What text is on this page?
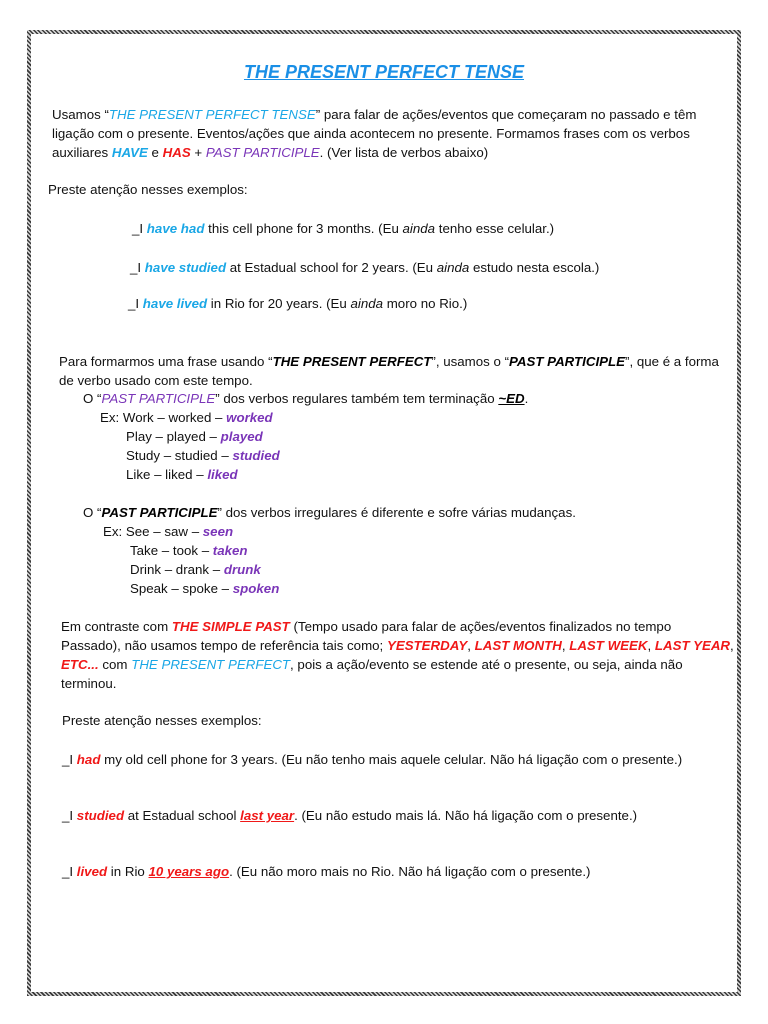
THE PRESENT PERFECT TENSE
Usamos “THE PRESENT PERFECT TENSE” para falar de ações/eventos que começaram no passado e têm
ligação com o presente. Eventos/ações que ainda acontecem no presente. Formamos frases com os verbos
auxiliares HAVE e HAS + PAST PARTICIPLE. (Ver lista de verbos abaixo)
Preste atenção nesses exemplos:
_I have had this cell phone for 3 months. (Eu ainda tenho esse celular.)
_I have studied at Estadual school for 2 years. (Eu ainda estudo nesta escola.)
_I have lived in Rio for 20 years. (Eu ainda moro no Rio.)
Para formarmos uma frase usando “THE PRESENT PERFECT”, usamos o “PAST PARTICIPLE”, que é a forma
de verbo usado com este tempo.
O “PAST PARTICIPLE” dos verbos regulares também tem terminação ~ED.
Ex: Work – worked – worked
Play – played – played
Study – studied – studied
Like – liked – liked
O “PAST PARTICIPLE” dos verbos irregulares é diferente e sofre várias mudanças.
Ex: See – saw – seen
Take – took – taken
Drink – drank – drunk
Speak – spoke – spoken
Em contraste com THE SIMPLE PAST (Tempo usado para falar de ações/eventos finalizados no tempo
Passado), não usamos tempo de referência tais como; YESTERDAY, LAST MONTH, LAST WEEK, LAST YEAR,
ETC... com THE PRESENT PERFECT, pois a ação/evento se estende até o presente, ou seja, ainda não
terminou.
Preste atenção nesses exemplos:
_I had my old cell phone for 3 years. (Eu não tenho mais aquele celular. Não há ligação com o presente.)
_I studied at Estadual school last year. (Eu não estudo mais lá. Não há ligação com o presente.)
_I lived in Rio 10 years ago. (Eu não moro mais no Rio. Não há ligação com o presente.)
